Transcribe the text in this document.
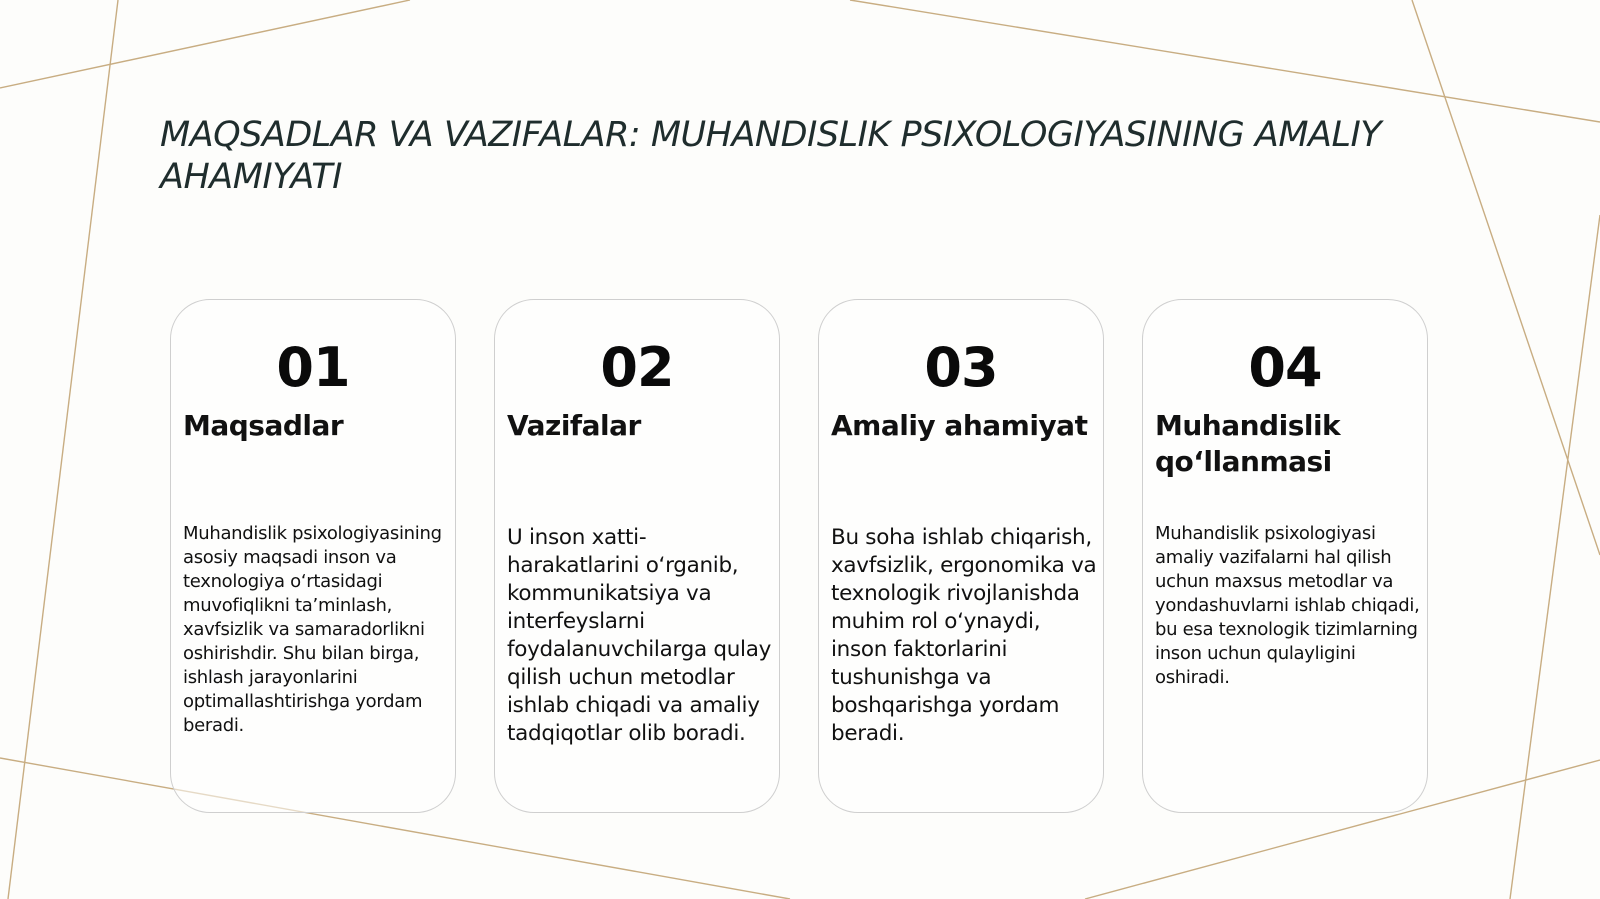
MAQSADLAR VA VAZIFALAR: MUHANDISLIK PSIXOLOGIYASINING AMALIY AHAMIYATI
01
Maqsadlar
Muhandislik psixologiyasining asosiy maqsadi inson va texnologiya o‘rtasidagi muvofiqlikni ta’minlash, xavfsizlik va samaradorlikni oshirishdir. Shu bilan birga, ishlash jarayonlarini optimallashtirishga yordam beradi.
02
Vazifalar
U inson xatti-harakatlarini o‘rganib, kommunikatsiya va interfeyslarni foydalanuvchilarga qulay qilish uchun metodlar ishlab chiqadi va amaliy tadqiqotlar olib boradi.
03
Amaliy ahamiyat
Bu soha ishlab chiqarish, xavfsizlik, ergonomika va texnologik rivojlanishda muhim rol o‘ynaydi, inson faktorlarini tushunishga va boshqarishga yordam beradi.
04
Muhandislik qo‘llanmasi
Muhandislik psixologiyasi amaliy vazifalarni hal qilish uchun maxsus metodlar va yondashuvlarni ishlab chiqadi, bu esa texnologik tizimlarning inson uchun qulayligini oshiradi.
